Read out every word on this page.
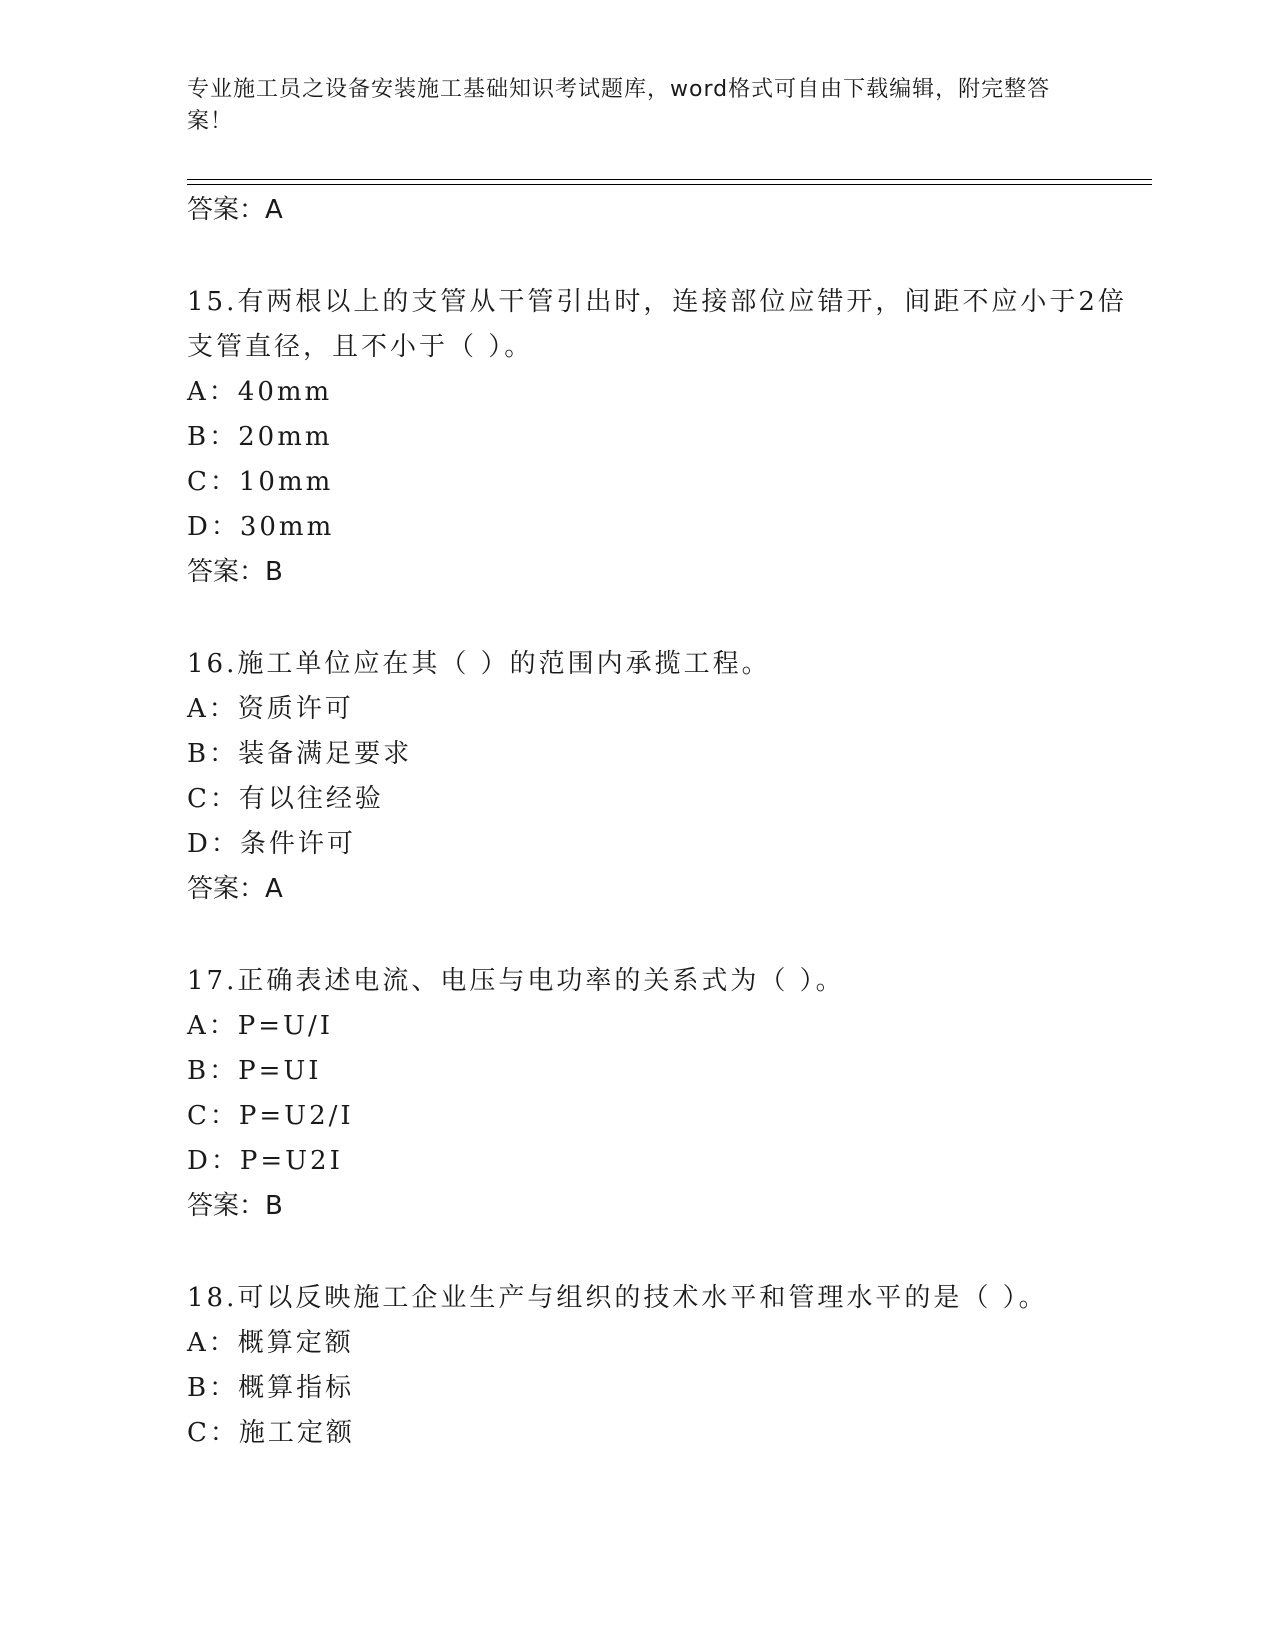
专业施工员之设备安装施工基础知识考试题库，word格式可自由下载编辑，附完整答案！
答案：A
15.有两根以上的支管从干管引出时，连接部位应错开，间距不应小于2倍支管直径，且不小于（ ）。
A：40mm
B：20mm
C：10mm
D：30mm
答案：B
16.施工单位应在其（ ）的范围内承揽工程。
A：资质许可
B：装备满足要求
C：有以往经验
D：条件许可
答案：A
17.正确表述电流、电压与电功率的关系式为（ ）。
A：P=U/I
B：P=UI
C：P=U2/I
D：P=U2I
答案：B
18.可以反映施工企业生产与组织的技术水平和管理水平的是（ ）。
A：概算定额
B：概算指标
C：施工定额
